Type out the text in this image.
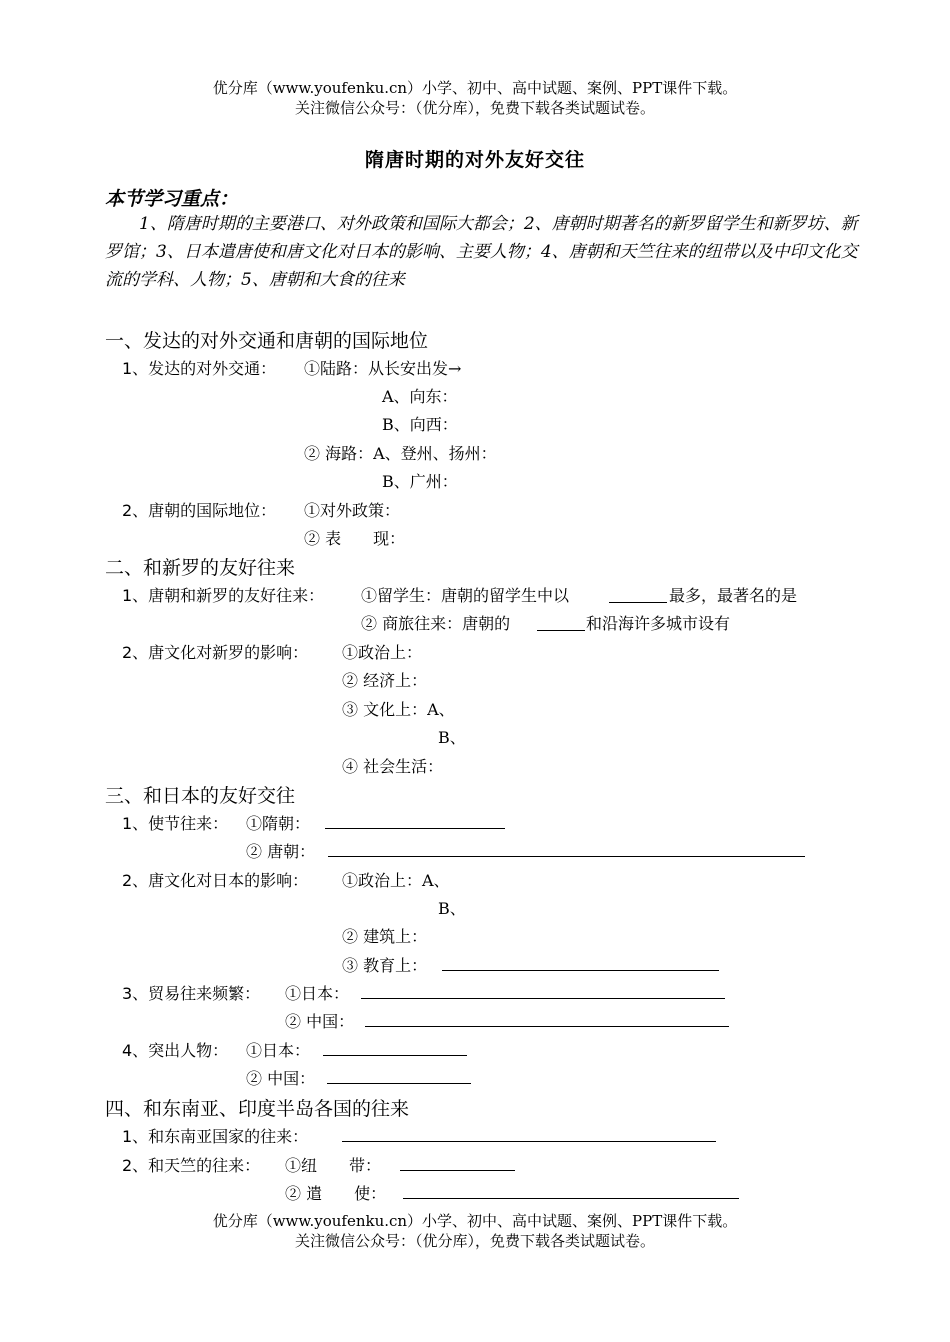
优分库（www.youfenku.cn）小学、初中、高中试题、案例、PPT课件下载。
关注微信公众号：（优分库），免费下载各类试题试卷。
隋唐时期的对外友好交往
本节学习重点：
1、隋唐时期的主要港口、对外政策和国际大都会；2、唐朝时期著名的新罗留学生和新罗坊、新罗馆；3、日本遣唐使和唐文化对日本的影响、主要人物；4、唐朝和天竺往来的纽带以及中印文化交流的学科、人物；5、唐朝和大食的往来
一、发达的对外交通和唐朝的国际地位
1、发达的对外交通： ①陆路：从长安出发→
A、向东：
B、向西：
② 海路：A、登州、扬州：
B、广州：
2、唐朝的国际地位： ①对外政策：
② 表　　现：
二、和新罗的友好往来
1、唐朝和新罗的友好往来： ①留学生：唐朝的留学生中以	最多，最著名的是
② 商旅往来：唐朝的	和沿海许多城市设有
2、唐文化对新罗的影响： ①政治上：
② 经济上：
③ 文化上：A、
B、
④ 社会生活：
三、和日本的友好交往
1、使节往来： ①隋朝：
② 唐朝：
2、唐文化对日本的影响： ①政治上：A、
B、
② 建筑上：
③ 教育上：
3、贸易往来频繁： ①日本：
② 中国：
4、突出人物： ①日本：
② 中国：
四、和东南亚、印度半岛各国的往来
1、和东南亚国家的往来：
2、和天竺的往来： ①纽　　带：
② 遣　　使：
优分库（www.youfenku.cn）小学、初中、高中试题、案例、PPT课件下载。
关注微信公众号：（优分库），免费下载各类试题试卷。
